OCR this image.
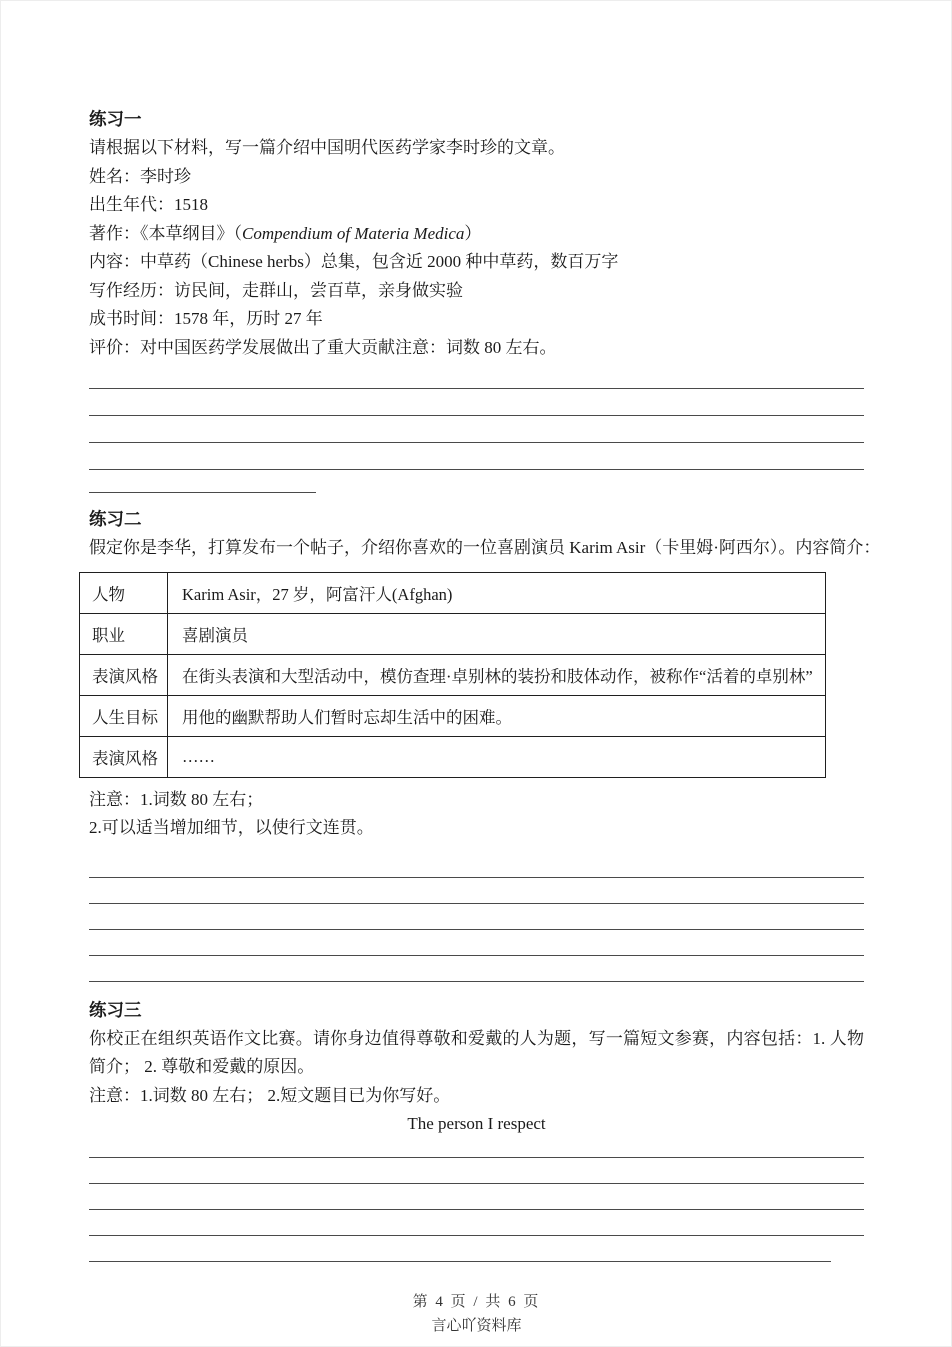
练习一

请根据以下材料，写一篇介绍中国明代医药学家李时珍的文章。

姓名：李时珍

出生年代：1518

著作：《本草纲目》（Compendium of Materia Medica）

内容：中草药（Chinese herbs）总集，包含近 2000 种中草药，数百万字

写作经历：访民间，走群山，尝百草，亲身做实验

成书时间：1578 年，历时 27 年

评价：对中国医药学发展做出了重大贡献注意：词数 80 左右。

练习二

假定你是李华，打算发布一个帖子，介绍你喜欢的一位喜剧演员 Karim Asir（卡里姆·阿西尔）。内容简介：

人物	Karim Asir，27 岁，阿富汗人(Afghan)
职业	喜剧演员
表演风格	在街头表演和大型活动中，模仿查理·卓别林的装扮和肢体动作，被称作“活着的卓别林”
人生目标	用他的幽默帮助人们暂时忘却生活中的困难。
表演风格	……

注意：1.词数 80 左右；

2.可以适当增加细节，以使行文连贯。

练习三

你校正在组织英语作文比赛。请你身边值得尊敬和爱戴的人为题，写一篇短文参赛，内容包括：1. 人物简介； 2. 尊敬和爱戴的原因。

注意：1.词数 80 左右； 2.短文题目已为你写好。

The person I respect

第 4 页 / 共 6 页
言心吖资料库
